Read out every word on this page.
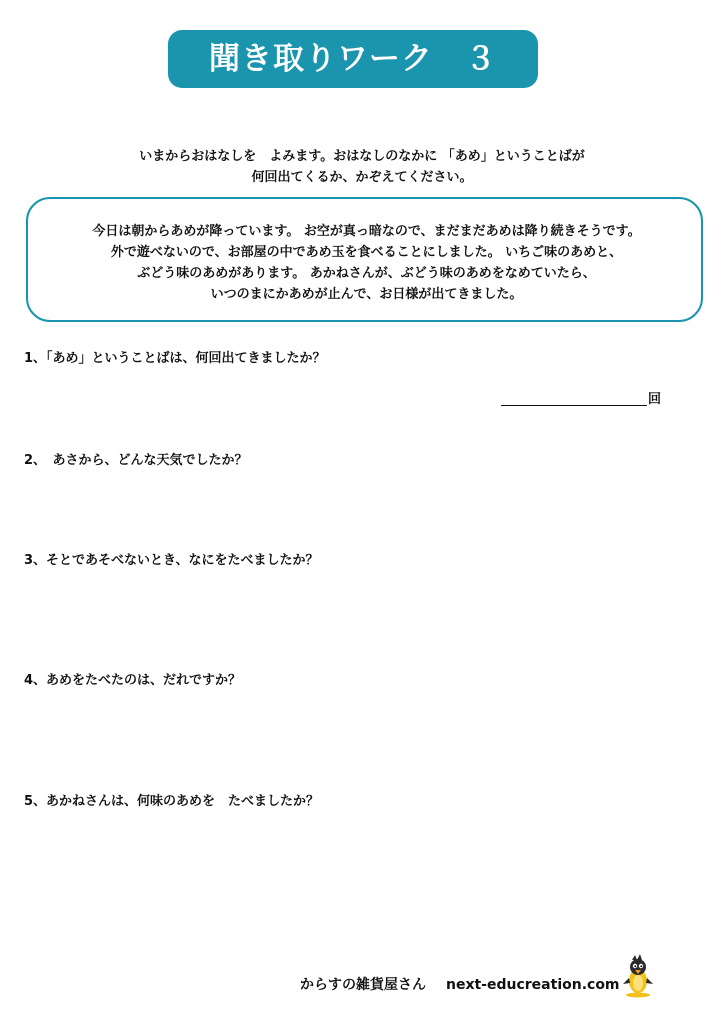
聞き取りワーク　３
いまからおはなしを　よみます。おはなしのなかに 「あめ」ということばが
何回出てくるか、かぞえてください。
今日は朝からあめが降っています。 お空が真っ暗なので、まだまだあめは降り続きそうです。
外で遊べないので、お部屋の中であめ玉を食べることにしました。 いちご味のあめと、
ぶどう味のあめがあります。 あかねさんが、ぶどう味のあめをなめていたら、
いつのまにかあめが止んで、お日様が出てきました。
1、「あめ」ということばは、何回出てきましたか？
回
2、　あさから、どんな天気でしたか？
3、そとであそべないとき、なにをたべましたか？
4、あめをたべたのは、だれですか？
5、あかねさんは、何味のあめを　たべましたか？
からすの雑貨屋さん next-educreation.com
